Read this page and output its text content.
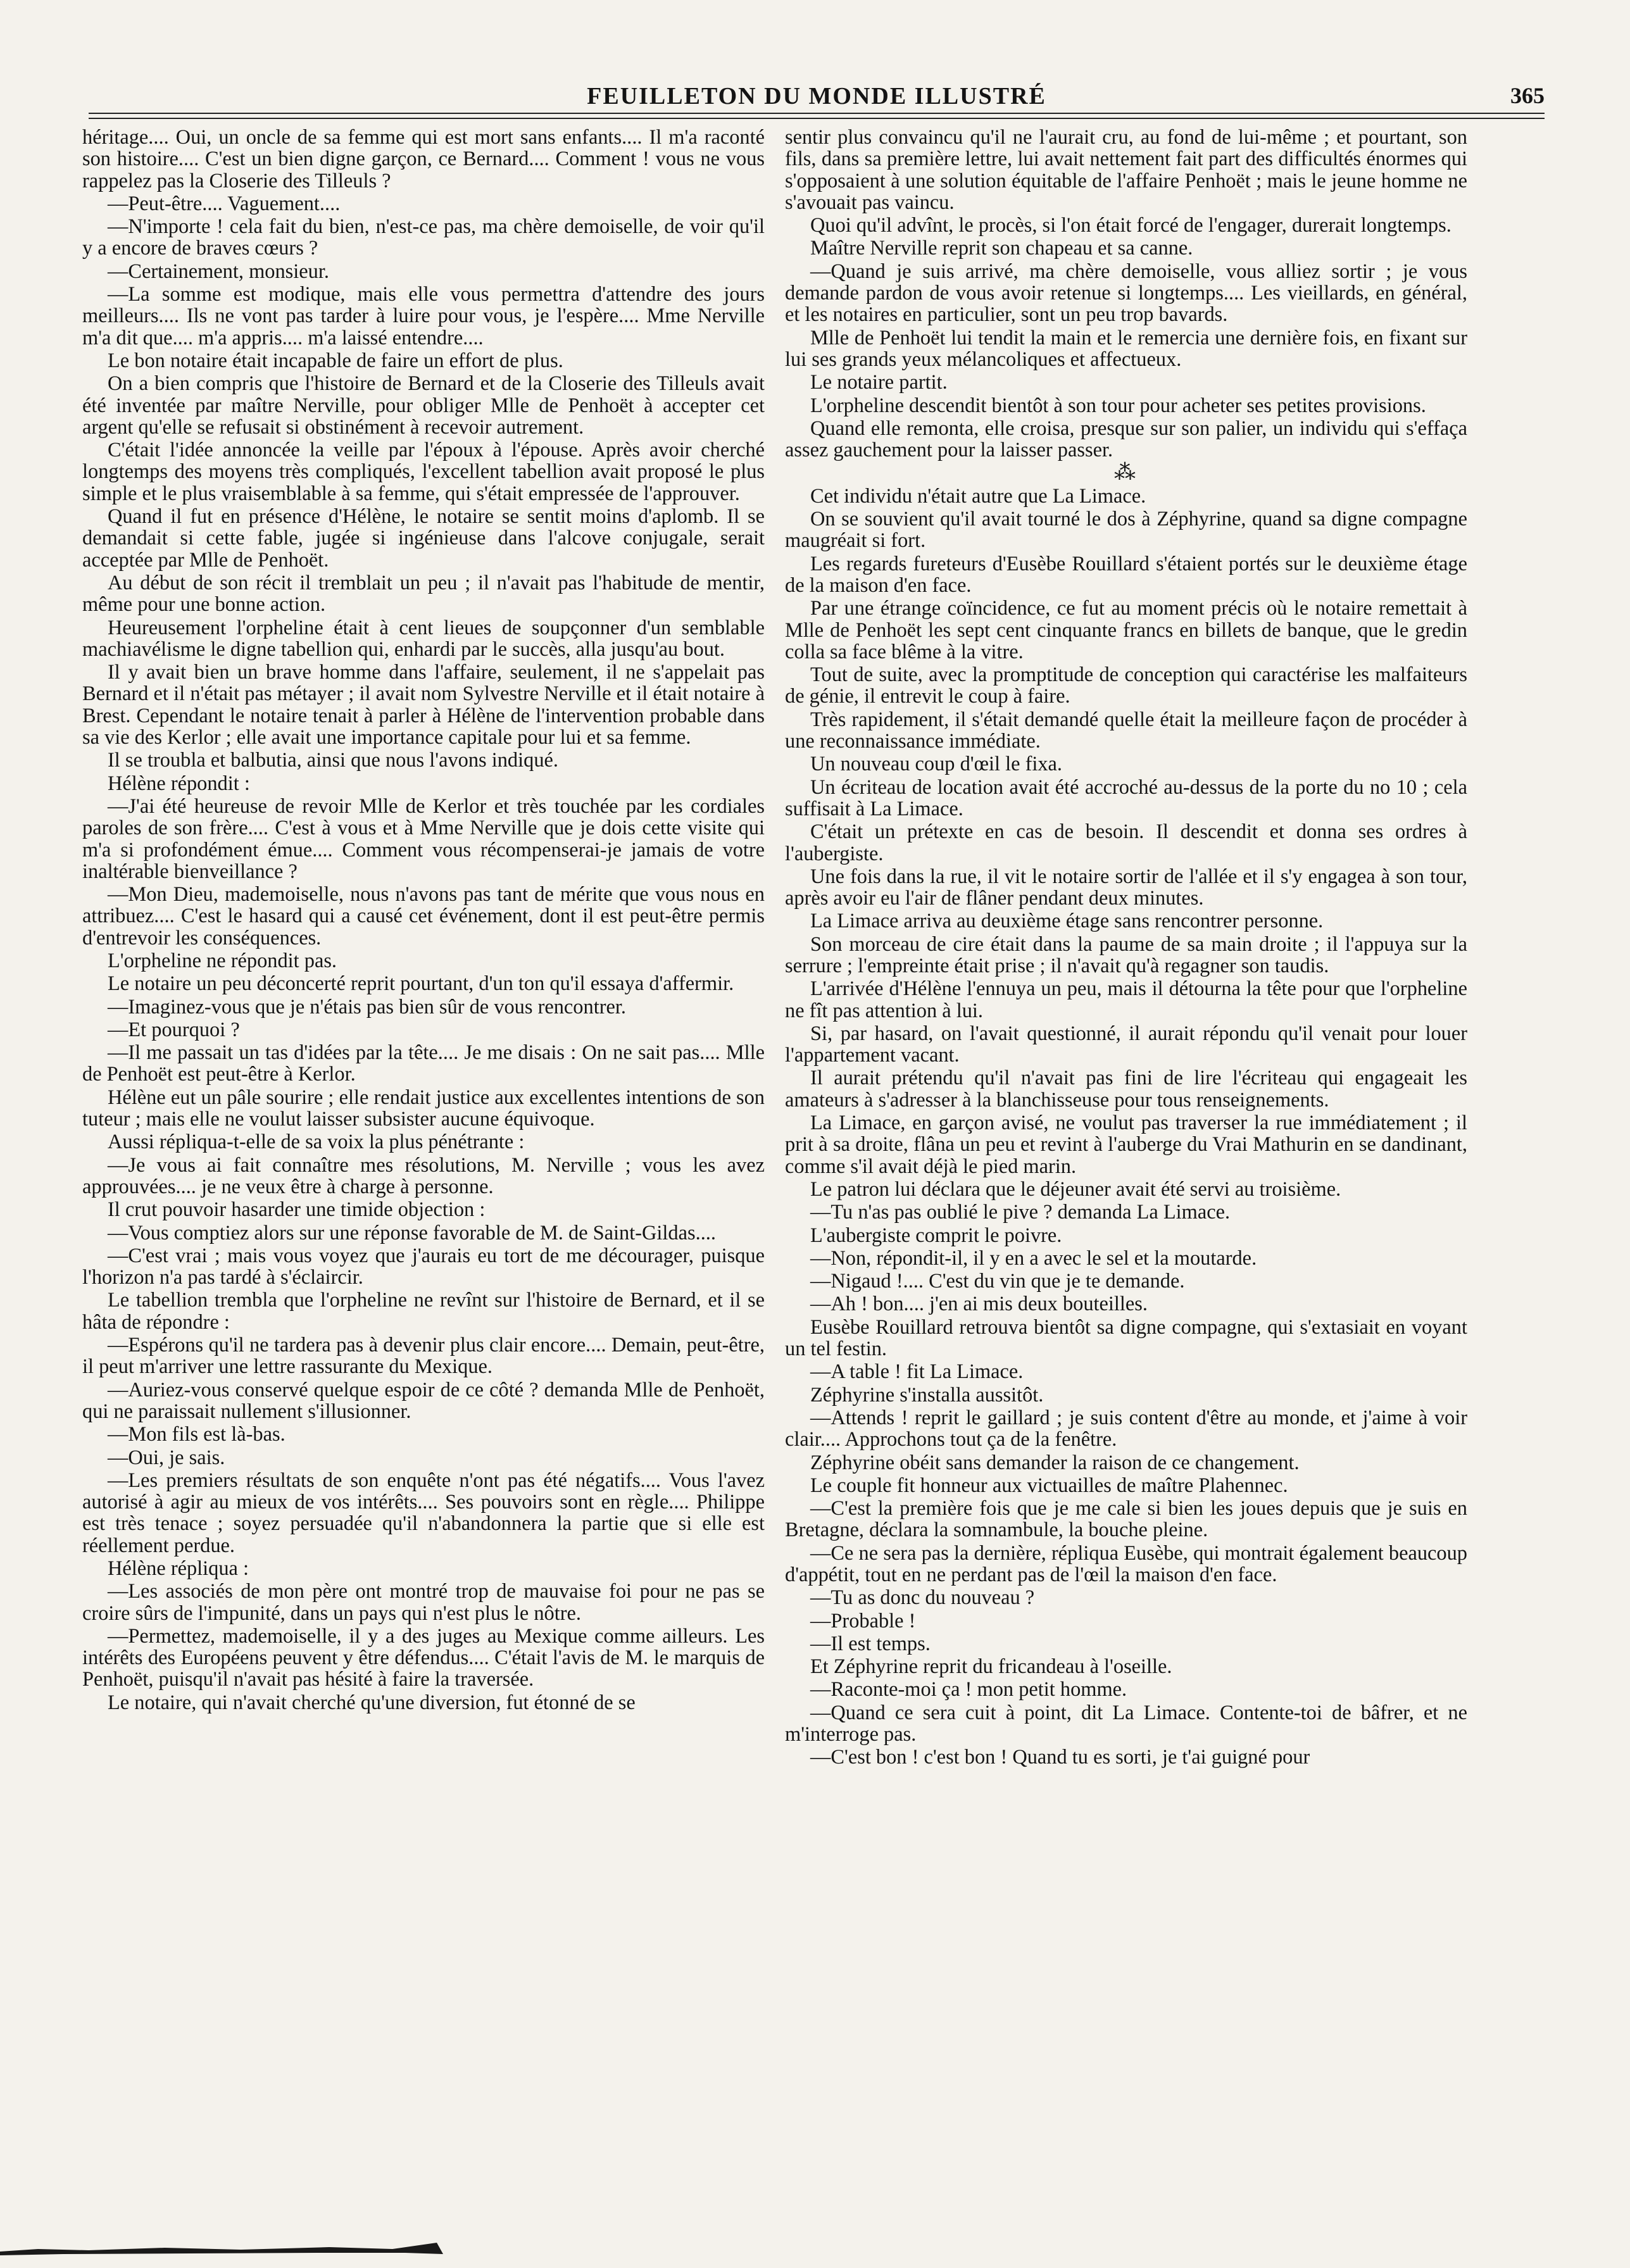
FEUILLETON DU MONDE ILLUSTRÉ	365

héritage.... Oui, un oncle de sa femme qui est mort sans enfants.... Il m'a raconté son histoire.... C'est un bien digne garçon, ce Bernard.... Comment ! vous ne vous rappelez pas la Closerie des Tilleuls ?

—Peut-être.... Vaguement....

—N'importe ! cela fait du bien, n'est-ce pas, ma chère demoiselle, de voir qu'il y a encore de braves cœurs ?

—Certainement, monsieur.

—La somme est modique, mais elle vous permettra d'attendre des jours meilleurs.... Ils ne vont pas tarder à luire pour vous, je l'espère.... Mme Nerville m'a dit que.... m'a appris.... m'a laissé entendre....

Le bon notaire était incapable de faire un effort de plus.

On a bien compris que l'histoire de Bernard et de la Closerie des Tilleuls avait été inventée par maître Nerville, pour obliger Mlle de Penhoët à accepter cet argent qu'elle se refusait si obstinément à recevoir autrement.

C'était l'idée annoncée la veille par l'époux à l'épouse. Après avoir cherché longtemps des moyens très compliqués, l'excellent tabellion avait proposé le plus simple et le plus vraisemblable à sa femme, qui s'était empressée de l'approuver.

Quand il fut en présence d'Hélène, le notaire se sentit moins d'aplomb. Il se demandait si cette fable, jugée si ingénieuse dans l'alcove conjugale, serait acceptée par Mlle de Penhoët.

Au début de son récit il tremblait un peu ; il n'avait pas l'habitude de mentir, même pour une bonne action.

Heureusement l'orpheline était à cent lieues de soupçonner d'un semblable machiavélisme le digne tabellion qui, enhardi par le succès, alla jusqu'au bout.

Il y avait bien un brave homme dans l'affaire, seulement, il ne s'appelait pas Bernard et il n'était pas métayer ; il avait nom Sylvestre Nerville et il était notaire à Brest. Cependant le notaire tenait à parler à Hélène de l'intervention probable dans sa vie des Kerlor ; elle avait une importance capitale pour lui et sa femme.

Il se troubla et balbutia, ainsi que nous l'avons indiqué.

Hélène répondit :

—J'ai été heureuse de revoir Mlle de Kerlor et très touchée par les cordiales paroles de son frère.... C'est à vous et à Mme Nerville que je dois cette visite qui m'a si profondément émue.... Comment vous récompenserai-je jamais de votre inaltérable bienveillance ?

—Mon Dieu, mademoiselle, nous n'avons pas tant de mérite que vous nous en attribuez.... C'est le hasard qui a causé cet événement, dont il est peut-être permis d'entrevoir les conséquences.

L'orpheline ne répondit pas.

Le notaire un peu déconcerté reprit pourtant, d'un ton qu'il essaya d'affermir.

—Imaginez-vous que je n'étais pas bien sûr de vous rencontrer.

—Et pourquoi ?

—Il me passait un tas d'idées par la tête.... Je me disais : On ne sait pas.... Mlle de Penhoët est peut-être à Kerlor.

Hélène eut un pâle sourire ; elle rendait justice aux excellentes intentions de son tuteur ; mais elle ne voulut laisser subsister aucune équivoque.

Aussi répliqua-t-elle de sa voix la plus pénétrante :

—Je vous ai fait connaître mes résolutions, M. Nerville ; vous les avez approuvées.... je ne veux être à charge à personne.

Il crut pouvoir hasarder une timide objection :

—Vous comptiez alors sur une réponse favorable de M. de Saint-Gildas....

—C'est vrai ; mais vous voyez que j'aurais eu tort de me décourager, puisque l'horizon n'a pas tardé à s'éclaircir.

Le tabellion trembla que l'orpheline ne revînt sur l'histoire de Bernard, et il se hâta de répondre :

—Espérons qu'il ne tardera pas à devenir plus clair encore.... Demain, peut-être, il peut m'arriver une lettre rassurante du Mexique.

—Auriez-vous conservé quelque espoir de ce côté ? demanda Mlle de Penhoët, qui ne paraissait nullement s'illusionner.

—Mon fils est là-bas.

—Oui, je sais.

—Les premiers résultats de son enquête n'ont pas été négatifs.... Vous l'avez autorisé à agir au mieux de vos intérêts.... Ses pouvoirs sont en règle.... Philippe est très tenace ; soyez persuadée qu'il n'abandonnera la partie que si elle est réellement perdue.

Hélène répliqua :

—Les associés de mon père ont montré trop de mauvaise foi pour ne pas se croire sûrs de l'impunité, dans un pays qui n'est plus le nôtre.

—Permettez, mademoiselle, il y a des juges au Mexique comme ailleurs. Les intérêts des Européens peuvent y être défendus.... C'était l'avis de M. le marquis de Penhoët, puisqu'il n'avait pas hésité à faire la traversée.

Le notaire, qui n'avait cherché qu'une diversion, fut étonné de se

sentir plus convaincu qu'il ne l'aurait cru, au fond de lui-même ; et pourtant, son fils, dans sa première lettre, lui avait nettement fait part des difficultés énormes qui s'opposaient à une solution équitable de l'affaire Penhoët ; mais le jeune homme ne s'avouait pas vaincu.

Quoi qu'il advînt, le procès, si l'on était forcé de l'engager, durerait longtemps.

Maître Nerville reprit son chapeau et sa canne.

—Quand je suis arrivé, ma chère demoiselle, vous alliez sortir ; je vous demande pardon de vous avoir retenue si longtemps.... Les vieillards, en général, et les notaires en particulier, sont un peu trop bavards.

Mlle de Penhoët lui tendit la main et le remercia une dernière fois, en fixant sur lui ses grands yeux mélancoliques et affectueux.

Le notaire partit.

L'orpheline descendit bientôt à son tour pour acheter ses petites provisions.

Quand elle remonta, elle croisa, presque sur son palier, un individu qui s'effaça assez gauchement pour la laisser passer.

⁂

Cet individu n'était autre que La Limace.

On se souvient qu'il avait tourné le dos à Zéphyrine, quand sa digne compagne maugréait si fort.

Les regards fureteurs d'Eusèbe Rouillard s'étaient portés sur le deuxième étage de la maison d'en face.

Par une étrange coïncidence, ce fut au moment précis où le notaire remettait à Mlle de Penhoët les sept cent cinquante francs en billets de banque, que le gredin colla sa face blême à la vitre.

Tout de suite, avec la promptitude de conception qui caractérise les malfaiteurs de génie, il entrevit le coup à faire.

Très rapidement, il s'était demandé quelle était la meilleure façon de procéder à une reconnaissance immédiate.

Un nouveau coup d'œil le fixa.

Un écriteau de location avait été accroché au-dessus de la porte du no 10 ; cela suffisait à La Limace.

C'était un prétexte en cas de besoin. Il descendit et donna ses ordres à l'aubergiste.

Une fois dans la rue, il vit le notaire sortir de l'allée et il s'y engagea à son tour, après avoir eu l'air de flâner pendant deux minutes.

La Limace arriva au deuxième étage sans rencontrer personne.

Son morceau de cire était dans la paume de sa main droite ; il l'appuya sur la serrure ; l'empreinte était prise ; il n'avait qu'à regagner son taudis.

L'arrivée d'Hélène l'ennuya un peu, mais il détourna la tête pour que l'orpheline ne fît pas attention à lui.

Si, par hasard, on l'avait questionné, il aurait répondu qu'il venait pour louer l'appartement vacant.

Il aurait prétendu qu'il n'avait pas fini de lire l'écriteau qui engageait les amateurs à s'adresser à la blanchisseuse pour tous renseignements.

La Limace, en garçon avisé, ne voulut pas traverser la rue immédiatement ; il prit à sa droite, flâna un peu et revint à l'auberge du Vrai Mathurin en se dandinant, comme s'il avait déjà le pied marin.

Le patron lui déclara que le déjeuner avait été servi au troisième.

—Tu n'as pas oublié le pive ? demanda La Limace.

L'aubergiste comprit le poivre.

—Non, répondit-il, il y en a avec le sel et la moutarde.

—Nigaud !.... C'est du vin que je te demande.

—Ah ! bon.... j'en ai mis deux bouteilles.

Eusèbe Rouillard retrouva bientôt sa digne compagne, qui s'extasiait en voyant un tel festin.

—A table ! fit La Limace.

Zéphyrine s'installa aussitôt.

—Attends ! reprit le gaillard ; je suis content d'être au monde, et j'aime à voir clair.... Approchons tout ça de la fenêtre.

Zéphyrine obéit sans demander la raison de ce changement.

Le couple fit honneur aux victuailles de maître Plahennec.

—C'est la première fois que je me cale si bien les joues depuis que je suis en Bretagne, déclara la somnambule, la bouche pleine.

—Ce ne sera pas la dernière, répliqua Eusèbe, qui montrait également beaucoup d'appétit, tout en ne perdant pas de l'œil la maison d'en face.

—Tu as donc du nouveau ?

—Probable !

—Il est temps.

Et Zéphyrine reprit du fricandeau à l'oseille.

—Raconte-moi ça ! mon petit homme.

—Quand ce sera cuit à point, dit La Limace. Contente-toi de bâfrer, et ne m'interroge pas.

—C'est bon ! c'est bon ! Quand tu es sorti, je t'ai guigné pour
